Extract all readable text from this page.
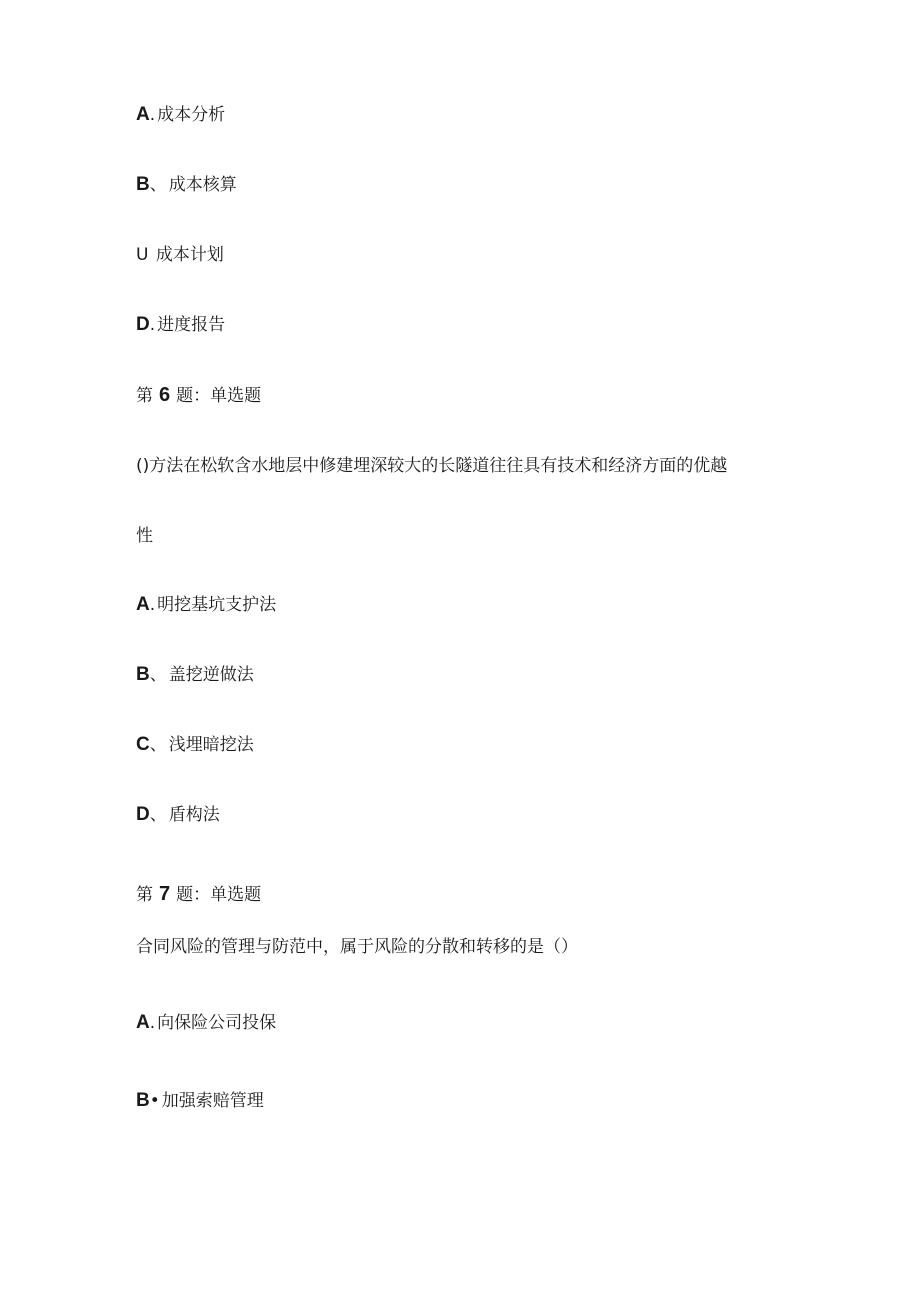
A. 成本分析
B、 成本核算
U 成本计划
D. 进度报告
第 6 题：单选题
()方法在松软含水地层中修建埋深较大的长隧道往往具有技术和经济方面的优越
性
A. 明挖基坑支护法
B、 盖挖逆做法
C、 浅埋暗挖法
D、 盾构法
第 7 题：单选题
合同风险的管理与防范中，属于风险的分散和转移的是（）
A. 向保险公司投保
B• 加强索赔管理
